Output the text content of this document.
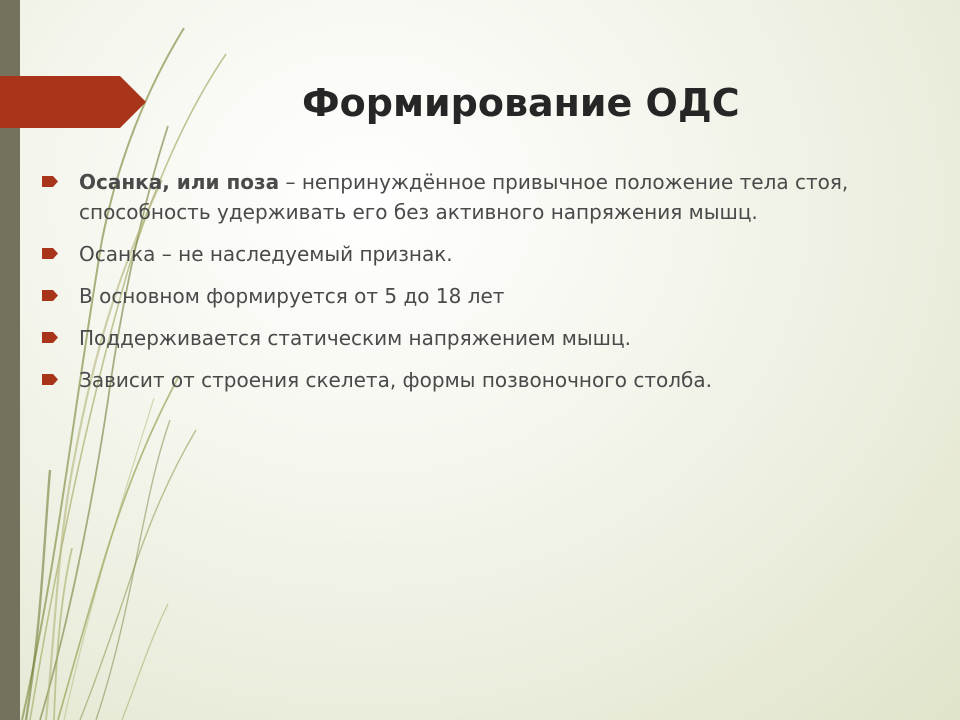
Формирование ОДС
Осанка, или поза – непринуждённое привычное положение тела стоя, способность удерживать его без активного напряжения мышц.
Осанка – не наследуемый признак.
В основном формируется от 5 до 18 лет
Поддерживается статическим напряжением мышц.
Зависит от строения скелета, формы позвоночного столба.
